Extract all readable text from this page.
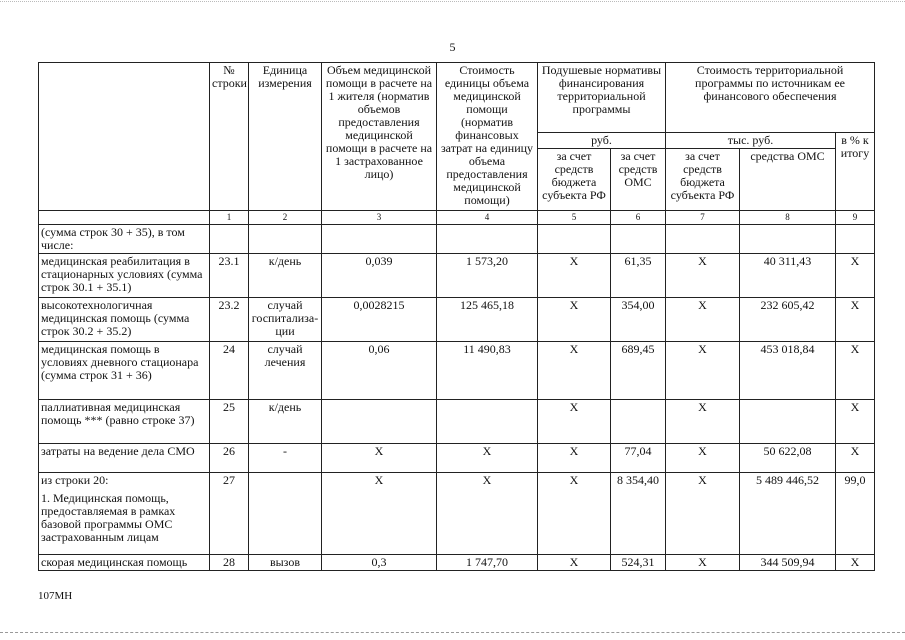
5
	№ строки	Единица измерения	Объем медицинской помощи в расчете на 1 жителя (норматив объемов предоставления медицинской помощи в расчете на 1 застрахованное лицо)	Стоимость единицы объема медицинской помощи (норматив финансовых затрат на единицу объема предоставления медицинской помощи)	Подушевые нормативы финансирования территориальной программы		Стоимость территориальной программы по источникам ее финансового обеспечения		
					руб.		тыс. руб.		в % к итогу
					за счет средств бюджета субъекта РФ	за счет средств ОМС	за счет средств бюджета субъекта РФ	средства ОМС	
	1	2	3	4	5	6	7	8	9

(сумма строк 30 + 35), в том числе:									

медицинская реабилитация в стационарных условиях (сумма строк 30.1 + 35.1)	23.1	к/день	0,039	1 573,20	X	61,35	X	40 311,43	X

высокотехнологичная медицинская помощь (сумма строк 30.2 + 35.2)	23.2	случай госпитализа-ции	0,0028215	125 465,18	X	354,00	X	232 605,42	X

медицинская помощь в условиях дневного стационара (сумма строк 31 + 36)	24	случай лечения	0,06	11 490,83	X	689,45	X	453 018,84	X

паллиативная медицинская помощь *** (равно строке 37)	25	к/день			X		X		X

затраты на ведение дела СМО	26	-	X	X	X	77,04	X	50 622,08	X

из строки 20:
1. Медицинская помощь, предоставляемая в рамках базовой программы ОМС застрахованным лицам	27		X	X	X	8 354,40	X	5 489 446,52	99,0

скорая медицинская помощь	28	вызов	0,3	1 747,70	X	524,31	X	344 509,94	X
107МН
